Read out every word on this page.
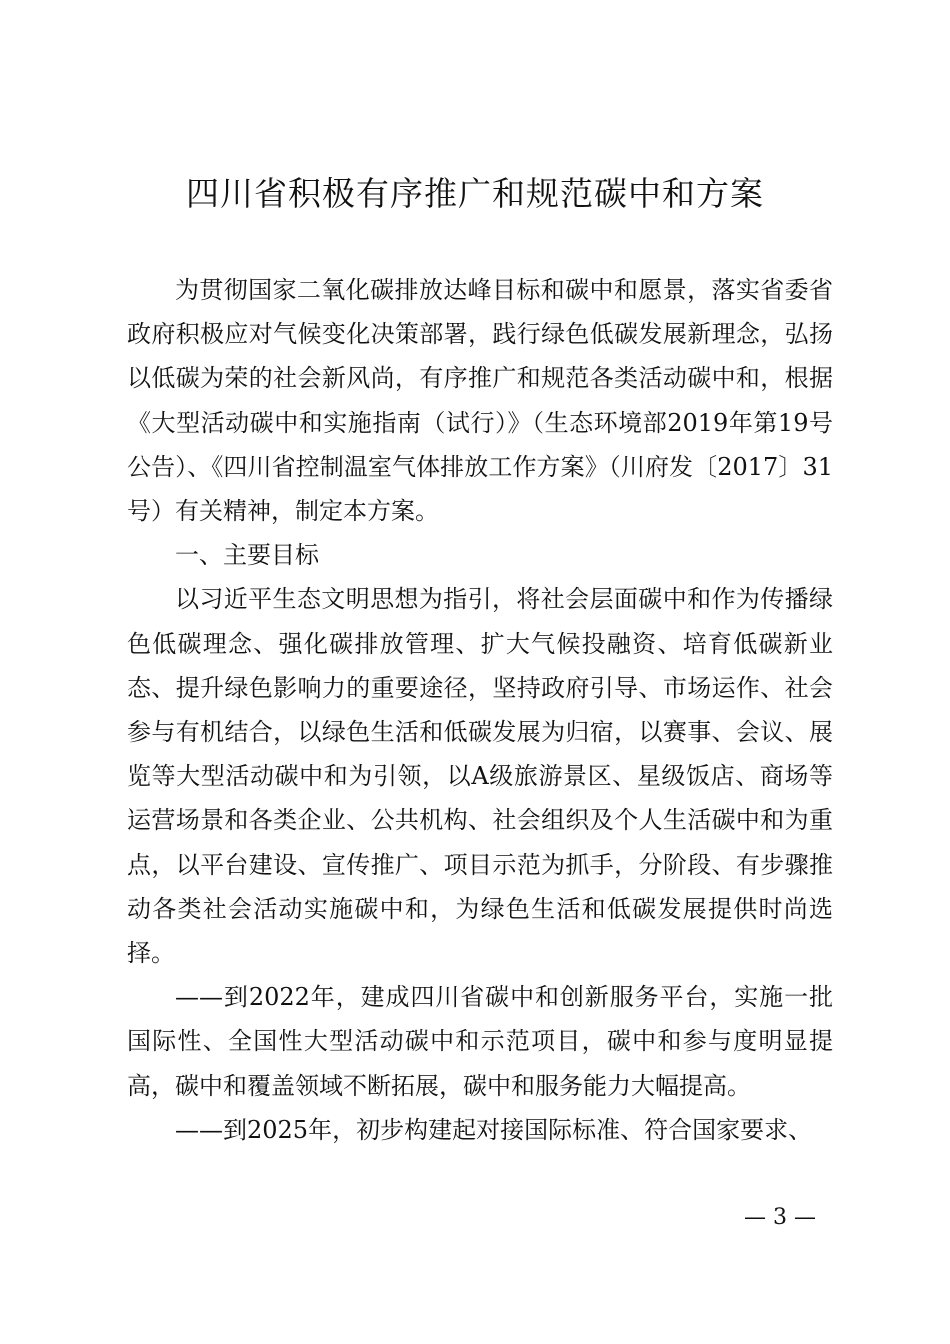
四川省积极有序推广和规范碳中和方案

为贯彻国家二氧化碳排放达峰目标和碳中和愿景，落实省委省政府积极应对气候变化决策部署，践行绿色低碳发展新理念，弘扬以低碳为荣的社会新风尚，有序推广和规范各类活动碳中和，根据《大型活动碳中和实施指南（试行）》（生态环境部2019年第19号公告）、《四川省控制温室气体排放工作方案》（川府发〔2017〕31号）有关精神，制定本方案。

一、主要目标

以习近平生态文明思想为指引，将社会层面碳中和作为传播绿色低碳理念、强化碳排放管理、扩大气候投融资、培育低碳新业态、提升绿色影响力的重要途径，坚持政府引导、市场运作、社会参与有机结合，以绿色生活和低碳发展为归宿，以赛事、会议、展览等大型活动碳中和为引领，以A级旅游景区、星级饭店、商场等运营场景和各类企业、公共机构、社会组织及个人生活碳中和为重点，以平台建设、宣传推广、项目示范为抓手，分阶段、有步骤推动各类社会活动实施碳中和，为绿色生活和低碳发展提供时尚选择。

——到2022年，建成四川省碳中和创新服务平台，实施一批国际性、全国性大型活动碳中和示范项目，碳中和参与度明显提高，碳中和覆盖领域不断拓展，碳中和服务能力大幅提高。

——到2025年，初步构建起对接国际标准、符合国家要求、

— 3 —
